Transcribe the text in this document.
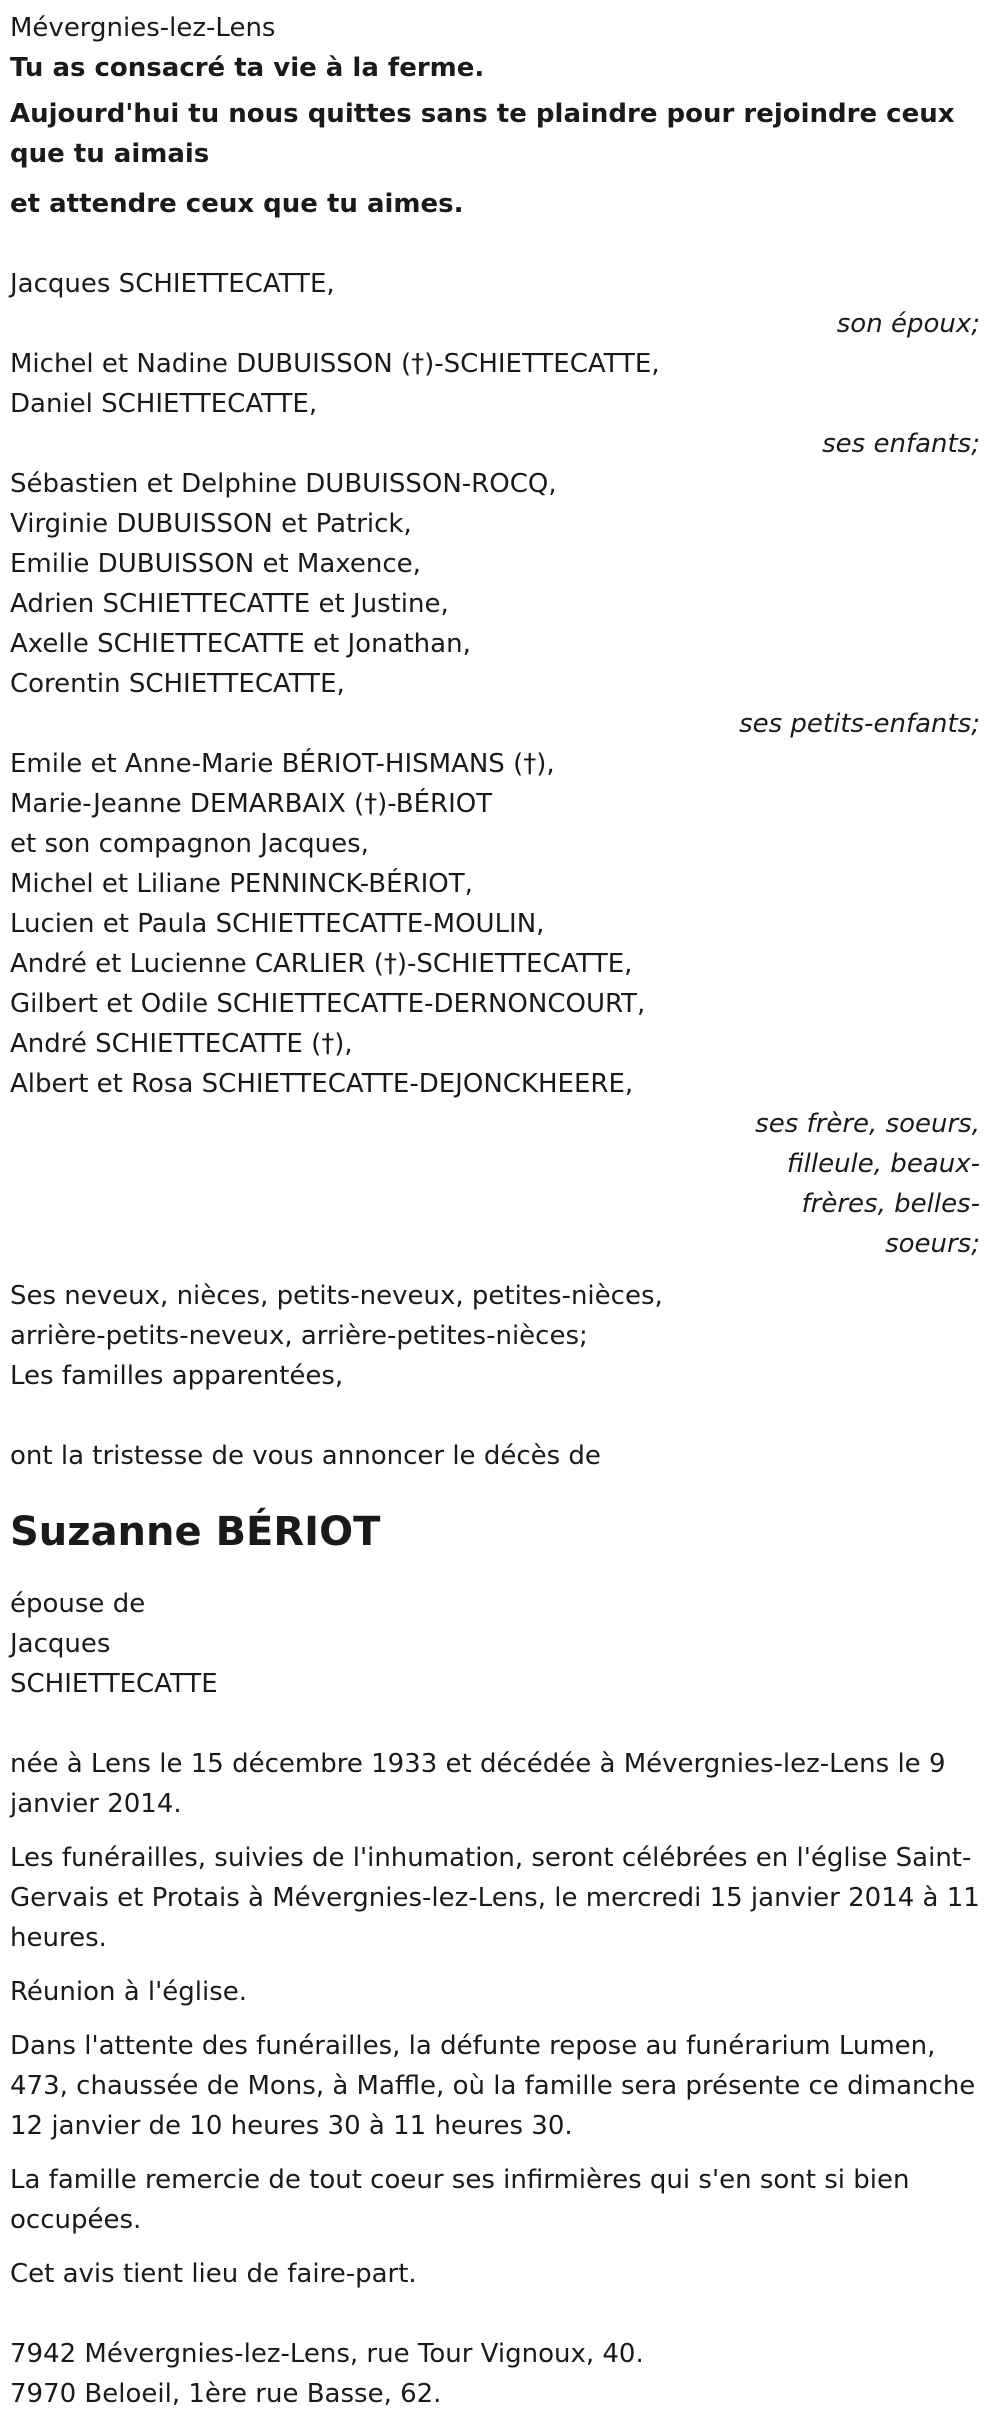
Mévergnies-lez-Lens

Tu as consacré ta vie à la ferme.

Aujourd'hui tu nous quittes sans te plaindre pour rejoindre ceux que tu aimais

et attendre ceux que tu aimes.

Jacques SCHIETTECATTE,

son époux;

Michel et Nadine DUBUISSON (†)-SCHIETTECATTE,

Daniel SCHIETTECATTE,

ses enfants;

Sébastien et Delphine DUBUISSON-ROCQ,

Virginie DUBUISSON et Patrick,

Emilie DUBUISSON et Maxence,

Adrien SCHIETTECATTE et Justine,

Axelle SCHIETTECATTE et Jonathan,

Corentin SCHIETTECATTE,

ses petits-enfants;

Emile et Anne-Marie BÉRIOT-HISMANS (†),

Marie-Jeanne DEMARBAIX (†)-BÉRIOT

et son compagnon Jacques,

Michel et Liliane PENNINCK-BÉRIOT,

Lucien et Paula SCHIETTECATTE-MOULIN,

André et Lucienne CARLIER (†)-SCHIETTECATTE,

Gilbert et Odile SCHIETTECATTE-DERNONCOURT,

André SCHIETTECATTE (†),

Albert et Rosa SCHIETTECATTE-DEJONCKHEERE,

ses frère, soeurs, filleule, beaux-frères, belles-soeurs;

Ses neveux, nièces, petits-neveux, petites-nièces,

arrière-petits-neveux, arrière-petites-nièces;

Les familles apparentées,

ont la tristesse de vous annoncer le décès de

Suzanne BÉRIOT

épouse de

Jacques

SCHIETTECATTE

née à Lens le 15 décembre 1933 et décédée à Mévergnies-lez-Lens le 9 janvier 2014.

Les funérailles, suivies de l'inhumation, seront célébrées en l'église Saint-Gervais et Protais à Mévergnies-lez-Lens, le mercredi 15 janvier 2014 à 11 heures.

Réunion à l'église.

Dans l'attente des funérailles, la défunte repose au funérarium Lumen, 473, chaussée de Mons, à Maffle, où la famille sera présente ce dimanche 12 janvier de 10 heures 30 à 11 heures 30.

La famille remercie de tout coeur ses infirmières qui s'en sont si bien occupées.

Cet avis tient lieu de faire-part.

7942 Mévergnies-lez-Lens, rue Tour Vignoux, 40.

7970 Beloeil, 1ère rue Basse, 62.
